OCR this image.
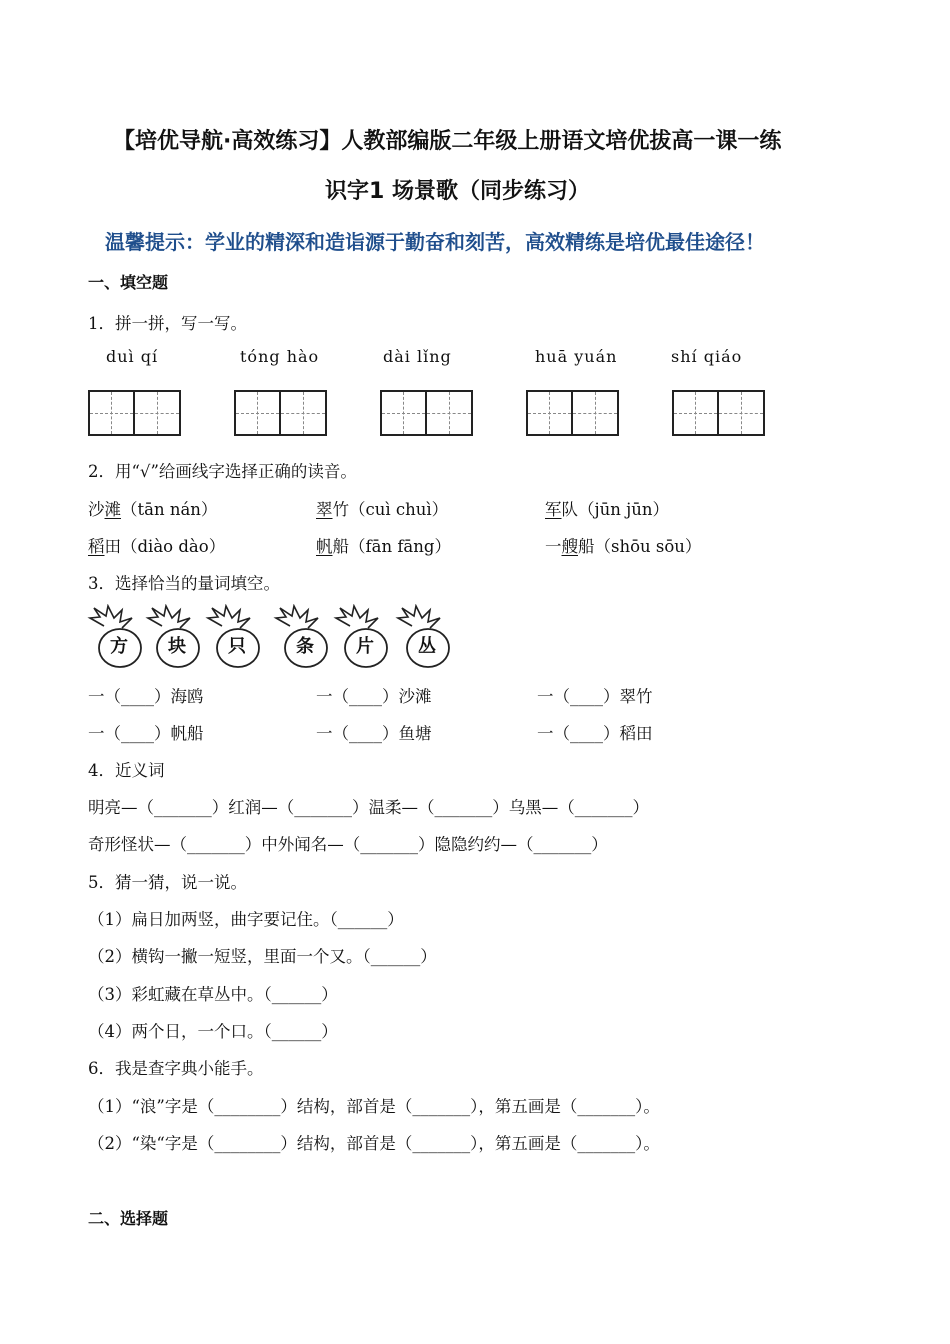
【培优导航·高效练习】人教部编版二年级上册语文培优拔高一课一练
识字1 场景歌（同步练习）
温馨提示：学业的精深和造诣源于勤奋和刻苦，高效精练是培优最佳途径！
一、填空题
1．拼一拼，写一写。
duì qí	tóng hào	dài lǐng	huā yuán	shí qiáo
2．用“√”给画线字选择正确的读音。
沙滩（tān nán）	翠竹（cuì chuì）	军队（jūn jūn）
稻田（diào dào）	帆船（fān fāng）	一艘船（shōu sōu）
3．选择恰当的量词填空。
方	块	只	条	片	丛
一（____）海鸥	一（____）沙滩	一（____）翠竹
一（____）帆船	一（____）鱼塘	一（____）稻田
4．近义词
明亮—（_______）红润—（_______）温柔—（_______）乌黑—（_______）
奇形怪状—（_______）中外闻名—（_______）隐隐约约—（_______）
5．猜一猜，说一说。
（1）扁日加两竖，曲字要记住。（______）
（2）横钩一撇一短竖，里面一个又。（______）
（3）彩虹藏在草丛中。（______）
（4）两个日，一个口。（______）
6．我是查字典小能手。
（1）“浪”字是（________）结构，部首是（_______），第五画是（_______）。
（2）“染“字是（________）结构，部首是（_______），第五画是（_______）。
二、选择题
